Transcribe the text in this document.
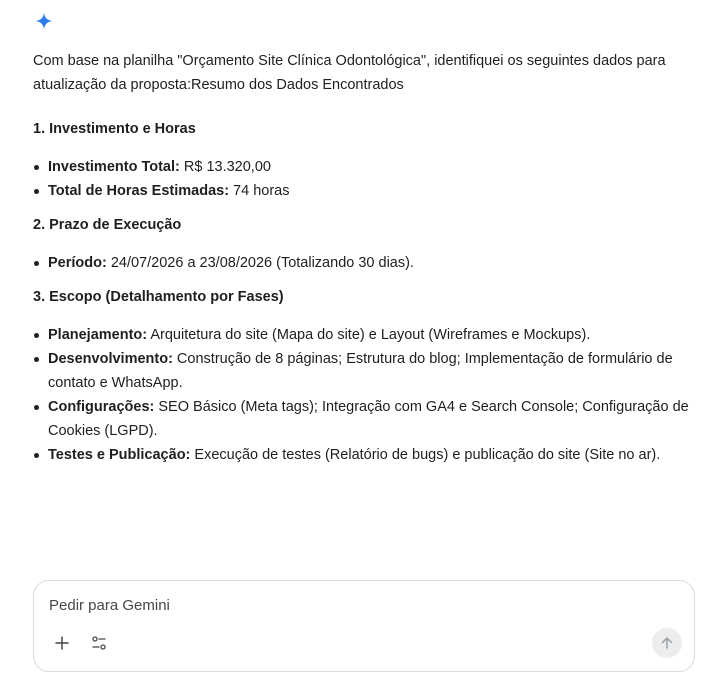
Com base na planilha "Orçamento Site Clínica Odontológica", identifiquei os seguintes dados para atualização da proposta:Resumo dos Dados Encontrados

1. Investimento e Horas
Investimento Total: R$ 13.320,00
Total de Horas Estimadas: 74 horas
2. Prazo de Execução
Período: 24/07/2026 a 23/08/2026 (Totalizando 30 dias).
3. Escopo (Detalhamento por Fases)
Planejamento: Arquitetura do site (Mapa do site) e Layout (Wireframes e Mockups).
Desenvolvimento: Construção de 8 páginas; Estrutura do blog; Implementação de formulário de contato e WhatsApp.
Configurações: SEO Básico (Meta tags); Integração com GA4 e Search Console; Configuração de Cookies (LGPD).
Testes e Publicação: Execução de testes (Relatório de bugs) e publicação do site (Site no ar).
Pedir para Gemini
